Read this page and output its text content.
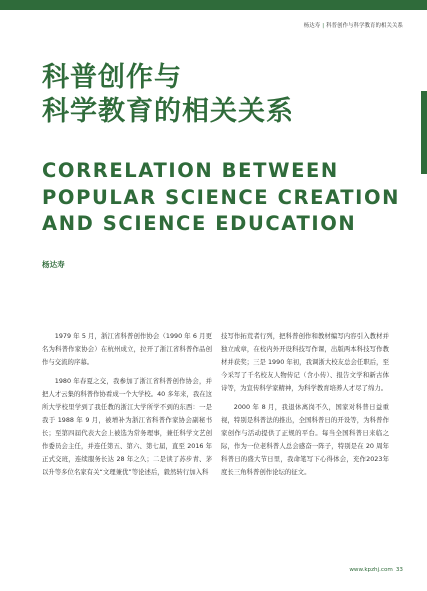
杨达寿 | 科普创作与科学教育的相关关系
科普创作与
科学教育的相关关系
CORRELATION BETWEEN
POPULAR SCIENCE CREATION
AND SCIENCE EDUCATION
杨达寿

1979 年 5 月，浙江省科普创作协会（1990 年 6 月更名为科普作家协会）在杭州成立，拉开了浙江省科普作品创作与交流的序幕。

1980 年春夏之交，我参加了浙江省科普创作协会，并把人才云集的科普作协看成一个大学校。40 多年来，我在这所大学校里学到了我任教的浙江大学所学不到的东西：一是我于 1988 年 9 月，被增补为浙江省科普作家协会副秘书长；至第四届代表大会上被选为常务理事，兼任科学文艺创作委员会主任，并连任第五、第六、第七届，直至 2016 年正式交班，连续服务长达 28 年之久；二是读了苏步青、茅以升等多位名家有关“文理兼优”等论述后，毅然转行加入科

技写作拓荒者行列，把科普创作和教材编写内容引入教材并独立成章，在校内外开设科技写作课，出版两本科技写作教材并获奖；三是 1990 年初，我调浙大校友总会任职后，至今采写了千名校友人物传记（含小传）、报告文学和新古体诗等，为宣传科学家精神，为科学教育培养人才尽了绵力。

2000 年 8 月，我退休离岗不久，国家对科普日益重视，特别是科普法的推出，全国科普日的开设等，为科普作家创作与活动提供了正规的平台。每当全国科普日来临之际，作为一位老科普人总会感奋一阵子，特别是在 20 周年科普日的盛大节日里，我命笔写下心得体会，充作2023年度长三角科普创作论坛的征文。

www.kpzhj.com 33
